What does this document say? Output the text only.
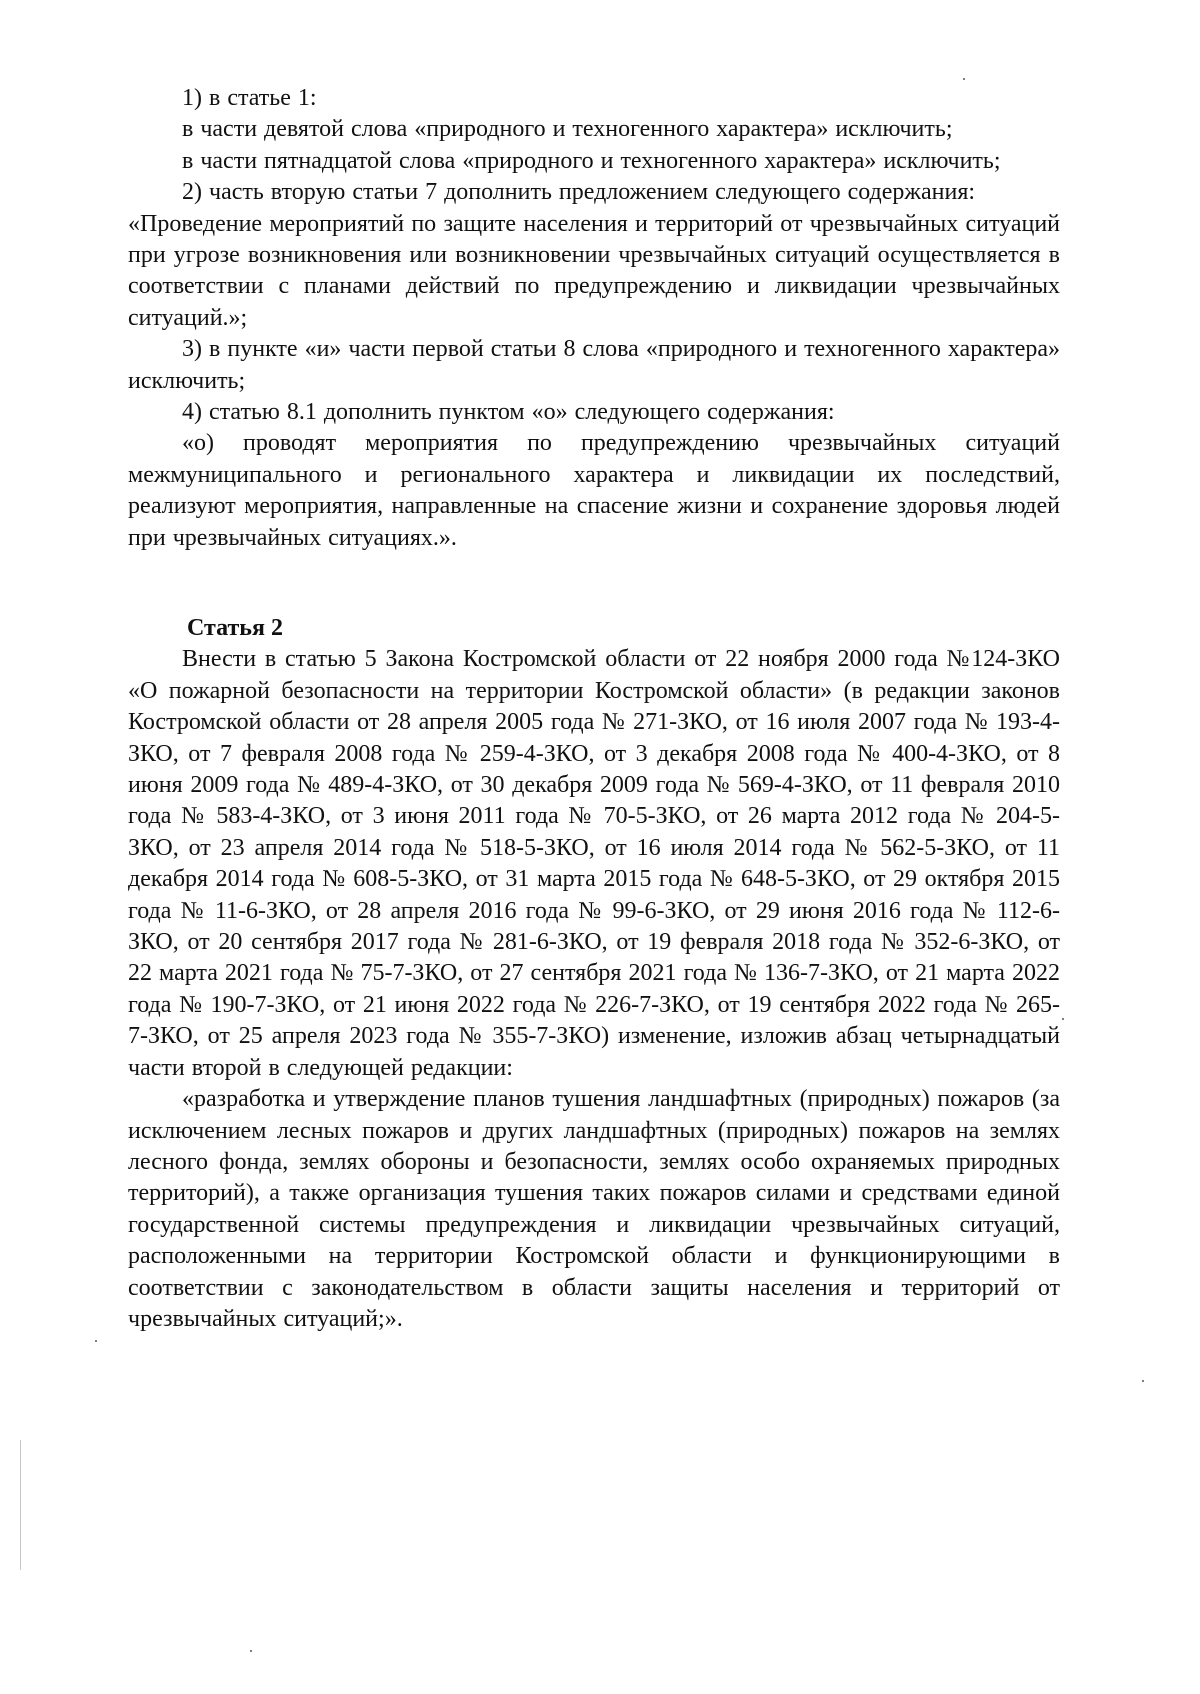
1) в статье 1:

в части девятой слова «природного и техногенного характера» исключить;

в части пятнадцатой слова «природного и техногенного характера» исключить;

2) часть вторую статьи 7 дополнить предложением следующего содержания:

«Проведение мероприятий по защите населения и территорий от чрезвычайных ситуаций при угрозе возникновения или возникновении чрезвычайных ситуаций осуществляется в соответствии с планами действий по предупреждению и ликвидации чрезвычайных ситуаций.»;

3) в пункте «и» части первой статьи 8 слова «природного и техногенного характера» исключить;

4) статью 8.1 дополнить пунктом «о» следующего содержания:

«о) проводят мероприятия по предупреждению чрезвычайных ситуаций межмуниципального и регионального характера и ликвидации их последствий, реализуют мероприятия, направленные на спасение жизни и сохранение здоровья людей при чрезвычайных ситуациях.».

Статья 2

Внести в статью 5 Закона Костромской области от 22 ноября 2000 года №124-ЗКО «О пожарной безопасности на территории Костромской области» (в редакции законов Костромской области от 28 апреля 2005 года № 271-ЗКО, от 16 июля 2007 года № 193-4-ЗКО, от 7 февраля 2008 года № 259-4-ЗКО, от 3 декабря 2008 года № 400-4-ЗКО, от 8 июня 2009 года № 489-4-ЗКО, от 30 декабря 2009 года № 569-4-ЗКО, от 11 февраля 2010 года № 583-4-ЗКО, от 3 июня 2011 года № 70-5-ЗКО, от 26 марта 2012 года № 204-5-ЗКО, от 23 апреля 2014 года № 518-5-ЗКО, от 16 июля 2014 года № 562-5-ЗКО, от 11 декабря 2014 года № 608-5-ЗКО, от 31 марта 2015 года № 648-5-ЗКО, от 29 октября 2015 года № 11-6-ЗКО, от 28 апреля 2016 года № 99-6-ЗКО, от 29 июня 2016 года № 112-6-ЗКО, от 20 сентября 2017 года № 281-6-ЗКО, от 19 февраля 2018 года № 352-6-ЗКО, от 22 марта 2021 года № 75-7-ЗКО, от 27 сентября 2021 года № 136-7-ЗКО, от 21 марта 2022 года № 190-7-ЗКО, от 21 июня 2022 года № 226-7-ЗКО, от 19 сентября 2022 года № 265-7-ЗКО, от 25 апреля 2023 года № 355-7-ЗКО) изменение, изложив абзац четырнадцатый части второй в следующей редакции:

«разработка и утверждение планов тушения ландшафтных (природных) пожаров (за исключением лесных пожаров и других ландшафтных (природных) пожаров на землях лесного фонда, землях обороны и безопасности, землях особо охраняемых природных территорий), а также организация тушения таких пожаров силами и средствами единой государственной системы предупреждения и ликвидации чрезвычайных ситуаций, расположенными на территории Костромской области и функционирующими в соответствии с законодательством в области защиты населения и территорий от чрезвычайных ситуаций;».
